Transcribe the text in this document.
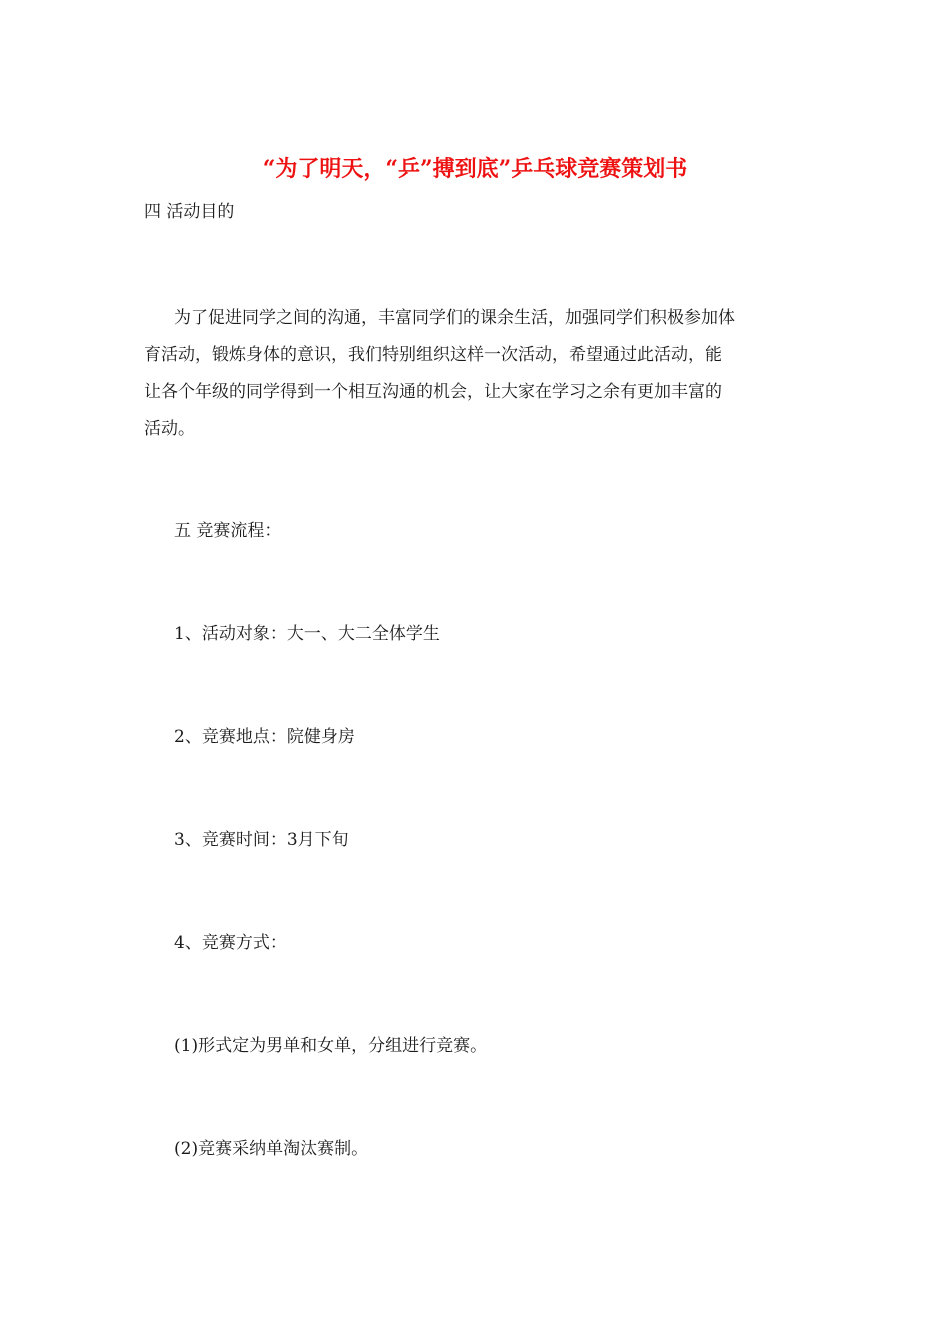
“为了明天，“乒”搏到底”乒乓球竞赛策划书
四 活动目的
为了促进同学之间的沟通，丰富同学们的课余生活，加强同学们积极参加体
育活动，锻炼身体的意识，我们特别组织这样一次活动，希望通过此活动，能
让各个年级的同学得到一个相互沟通的机会，让大家在学习之余有更加丰富的
活动。
五 竞赛流程：
1、活动对象：大一、大二全体学生
2、竞赛地点：院健身房
3、竞赛时间：3月下旬
4、竞赛方式：
(1)形式定为男单和女单，分组进行竞赛。
(2)竞赛采纳单淘汰赛制。
